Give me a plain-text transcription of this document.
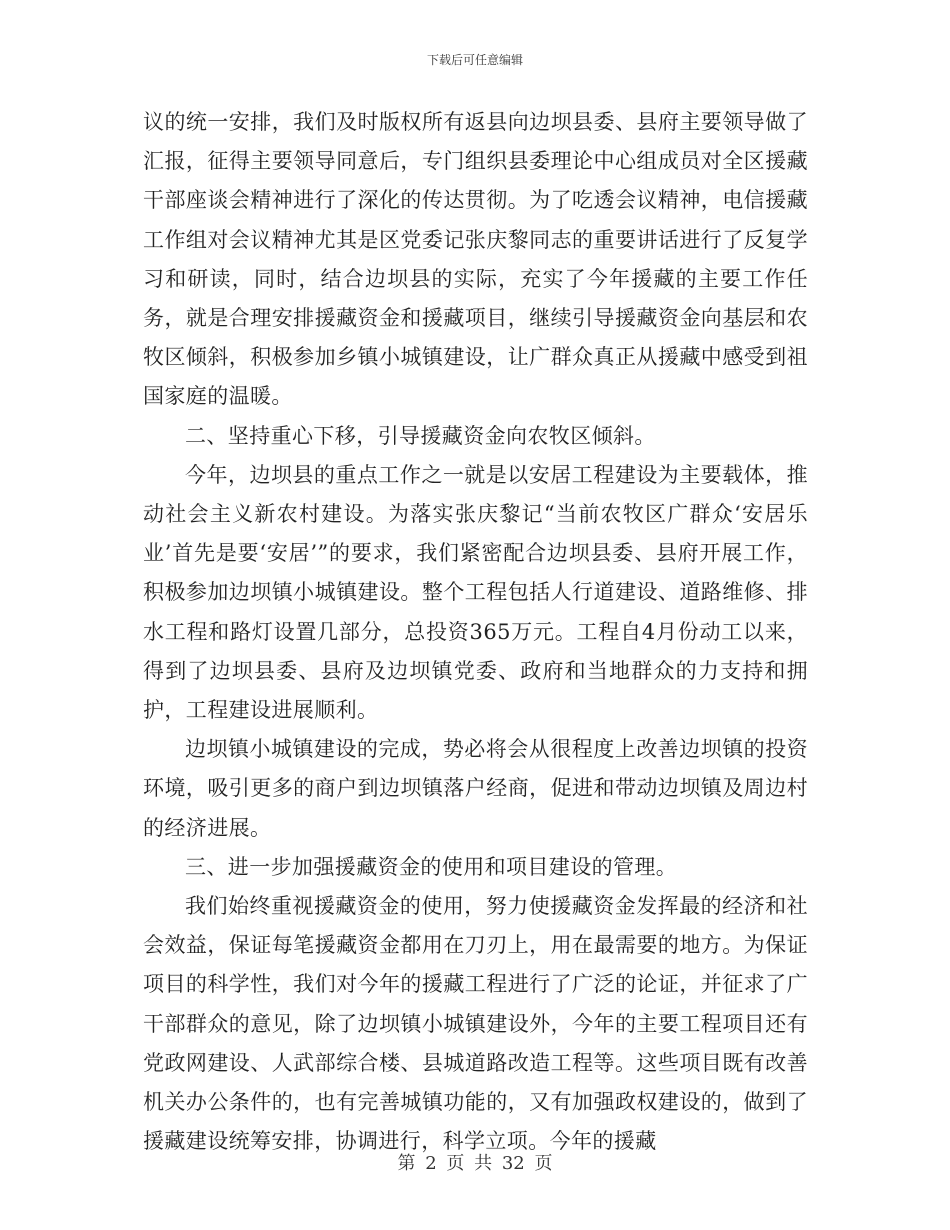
下载后可任意编辑

议的统一安排，我们及时版权所有返县向边坝县委、县府主要领导做了汇报，征得主要领导同意后，专门组织县委理论中心组成员对全区援藏干部座谈会精神进行了深化的传达贯彻。为了吃透会议精神，电信援藏工作组对会议精神尤其是区党委记张庆黎同志的重要讲话进行了反复学习和研读，同时，结合边坝县的实际，充实了今年援藏的主要工作任务，就是合理安排援藏资金和援藏项目，继续引导援藏资金向基层和农牧区倾斜，积极参加乡镇小城镇建设，让广群众真正从援藏中感受到祖国家庭的温暖。

二、坚持重心下移，引导援藏资金向农牧区倾斜。

今年，边坝县的重点工作之一就是以安居工程建设为主要载体，推动社会主义新农村建设。为落实张庆黎记“当前农牧区广群众‘安居乐业’首先是要‘安居’”的要求，我们紧密配合边坝县委、县府开展工作，积极参加边坝镇小城镇建设。整个工程包括人行道建设、道路维修、排水工程和路灯设置几部分，总投资365万元。工程自4月份动工以来，得到了边坝县委、县府及边坝镇党委、政府和当地群众的力支持和拥护，工程建设进展顺利。

边坝镇小城镇建设的完成，势必将会从很程度上改善边坝镇的投资环境，吸引更多的商户到边坝镇落户经商，促进和带动边坝镇及周边村的经济进展。

三、进一步加强援藏资金的使用和项目建设的管理。

我们始终重视援藏资金的使用，努力使援藏资金发挥最的经济和社会效益，保证每笔援藏资金都用在刀刃上，用在最需要的地方。为保证项目的科学性，我们对今年的援藏工程进行了广泛的论证，并征求了广干部群众的意见，除了边坝镇小城镇建设外，今年的主要工程项目还有党政网建设、人武部综合楼、县城道路改造工程等。这些项目既有改善机关办公条件的，也有完善城镇功能的，又有加强政权建设的，做到了援藏建设统筹安排，协调进行，科学立项。今年的援藏

第 2 页 共 32 页
